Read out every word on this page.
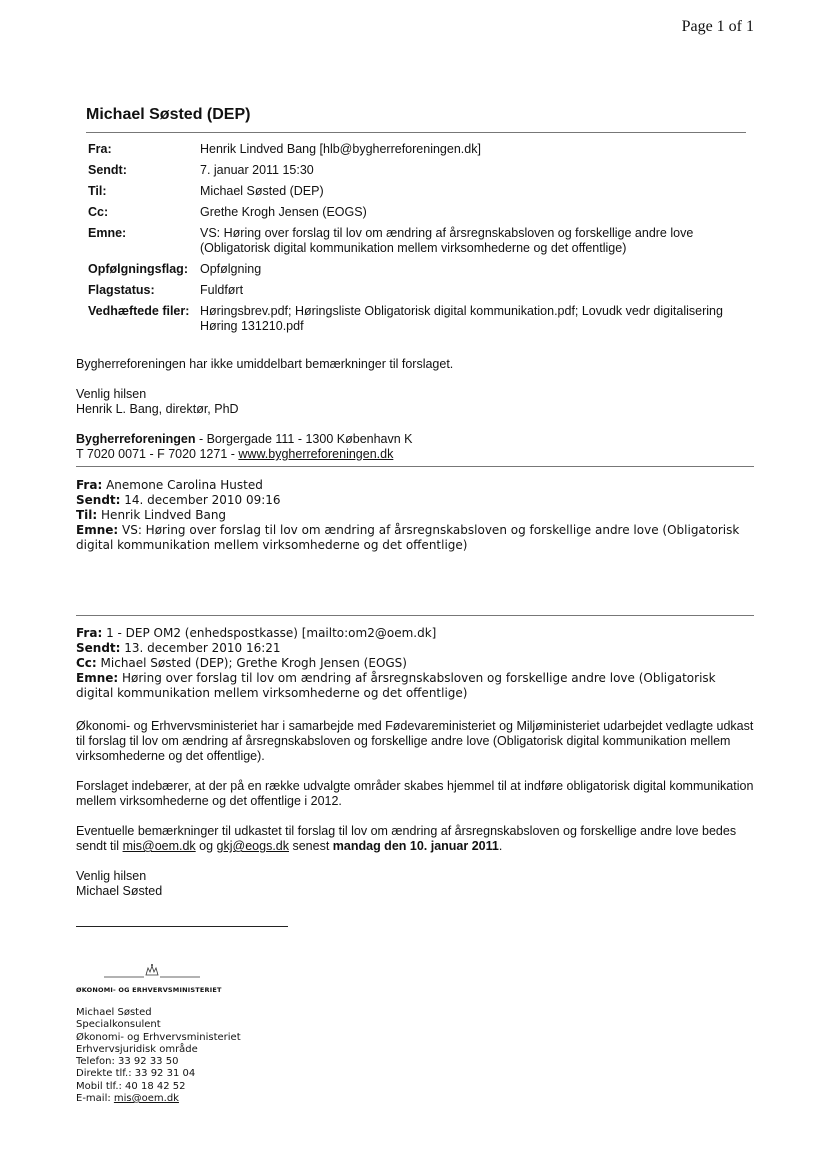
Page 1 of 1
Michael Søsted (DEP)
Fra:	Henrik Lindved Bang [hlb@bygherreforeningen.dk]
Sendt:	7. januar 2011 15:30
Til:	Michael Søsted (DEP)
Cc:	Grethe Krogh Jensen (EOGS)
Emne:	VS: Høring over forslag til lov om ændring af årsregnskabsloven og forskellige andre love (Obligatorisk digital kommunikation mellem virksomhederne og det offentlige)
Opfølgningsflag: Opfølgning
Flagstatus:	Fuldført
Vedhæftede filer: Høringsbrev.pdf; Høringsliste Obligatorisk digital kommunikation.pdf; Lovudk vedr digitalisering Høring 131210.pdf

Bygherreforeningen har ikke umiddelbart bemærkninger til forslaget.

Venlig hilsen

Henrik L. Bang, direktør, PhD

Bygherreforeningen - Borgergade 111 - 1300 København K

T 7020 0071 - F 7020 1271 - www.bygherreforeningen.dk

Fra: Anemone Carolina Husted

Sendt: 14. december 2010 09:16

Til: Henrik Lindved Bang

Emne: VS: Høring over forslag til lov om ændring af årsregnskabsloven og forskellige andre love (Obligatorisk digital kommunikation mellem virksomhederne og det offentlige)

Fra: 1 - DEP OM2 (enhedspostkasse) [mailto:om2@oem.dk]

Sendt: 13. december 2010 16:21

Cc: Michael Søsted (DEP); Grethe Krogh Jensen (EOGS)

Emne: Høring over forslag til lov om ændring af årsregnskabsloven og forskellige andre love (Obligatorisk digital kommunikation mellem virksomhederne og det offentlige)

Økonomi- og Erhvervsministeriet har i samarbejde med Fødevareministeriet og Miljøministeriet udarbejdet vedlagte udkast til forslag til lov om ændring af årsregnskabsloven og forskellige andre love (Obligatorisk digital kommunikation mellem virksomhederne og det offentlige).

Forslaget indebærer, at der på en række udvalgte områder skabes hjemmel til at indføre obligatorisk digital kommunikation mellem virksomhederne og det offentlige i 2012.

Eventuelle bemærkninger til udkastet til forslag til lov om ændring af årsregnskabsloven og forskellige andre love bedes sendt til mis@oem.dk og gkj@eogs.dk senest mandag den 10. januar 2011.

Venlig hilsen

Michael Søsted

ØKONOMI- OG ERHVERVSMINISTERIET
Michael Søsted
Specialkonsulent
Økonomi- og Erhvervsministeriet
Erhvervsjuridisk område
Telefon: 33 92 33 50
Direkte tlf.: 33 92 31 04
Mobil tlf.: 40 18 42 52
E-mail: mis@oem.dk
